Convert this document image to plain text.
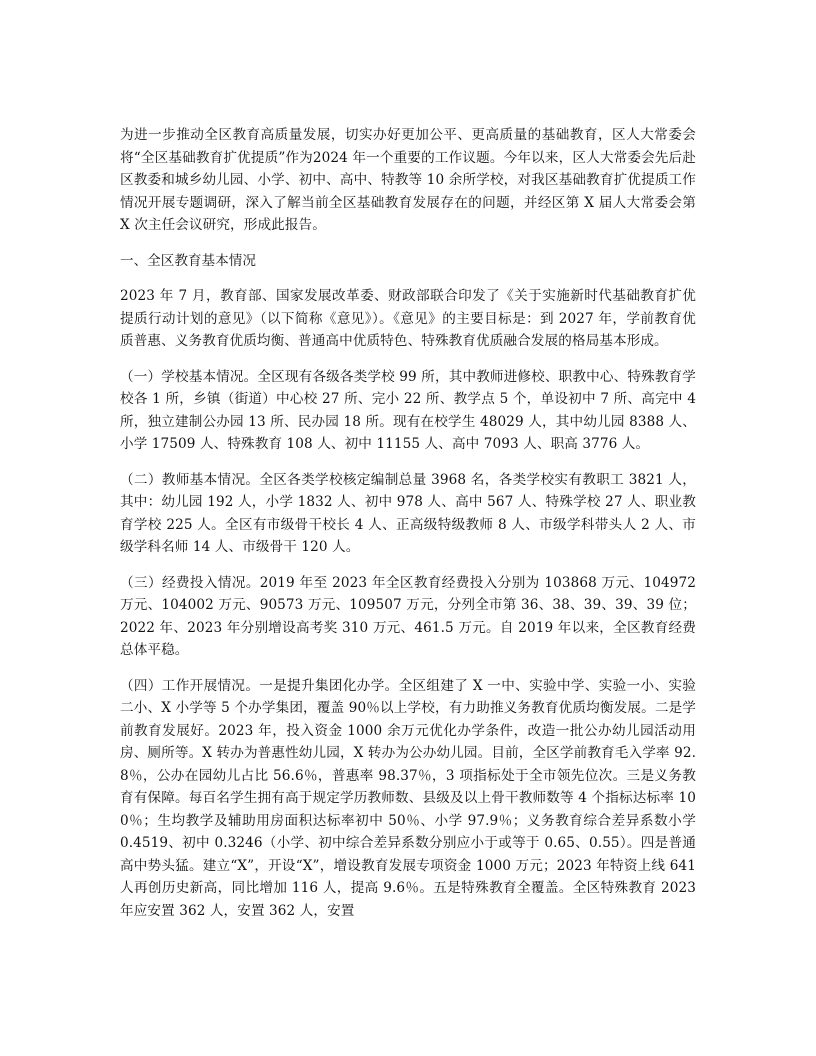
为进一步推动全区教育高质量发展，切实办好更加公平、更高质量的基础教育，区人大常委会将“全区基础教育扩优提质”作为2024 年一个重要的工作议题。今年以来，区人大常委会先后赴区教委和城乡幼儿园、小学、初中、高中、特教等 10 余所学校，对我区基础教育扩优提质工作情况开展专题调研，深入了解当前全区基础教育发展存在的问题，并经区第 X 届人大常委会第 X 次主任会议研究，形成此报告。

一、全区教育基本情况

2023 年 7 月，教育部、国家发展改革委、财政部联合印发了《关于实施新时代基础教育扩优提质行动计划的意见》（以下简称《意见》）。《意见》的主要目标是：到 2027 年，学前教育优质普惠、义务教育优质均衡、普通高中优质特色、特殊教育优质融合发展的格局基本形成。

（一）学校基本情况。全区现有各级各类学校 99 所，其中教师进修校、职教中心、特殊教育学校各 1 所，乡镇（街道）中心校 27 所、完小 22 所、教学点 5 个，单设初中 7 所、高完中 4 所，独立建制公办园 13 所、民办园 18 所。现有在校学生 48029 人，其中幼儿园 8388 人、小学 17509 人、特殊教育 108 人、初中 11155 人、高中 7093 人、职高 3776 人。

（二）教师基本情况。全区各类学校核定编制总量 3968 名，各类学校实有教职工 3821 人，其中：幼儿园 192 人，小学 1832 人、初中 978 人、高中 567 人、特殊学校 27 人、职业教育学校 225 人。全区有市级骨干校长 4 人、正高级特级教师 8 人、市级学科带头人 2 人、市级学科名师 14 人、市级骨干 120 人。

（三）经费投入情况。2019 年至 2023 年全区教育经费投入分别为 103868 万元、104972 万元、104002 万元、90573 万元、109507 万元，分列全市第 36、38、39、39、39 位；2022 年、2023 年分别增设高考奖 310 万元、461.5 万元。自 2019 年以来，全区教育经费总体平稳。

（四）工作开展情况。一是提升集团化办学。全区组建了 X 一中、实验中学、实验一小、实验二小、X 小学等 5 个办学集团，覆盖 90％以上学校，有力助推义务教育优质均衡发展。二是学前教育发展好。2023 年，投入资金 1000 余万元优化办学条件，改造一批公办幼儿园活动用房、厕所等。X 转办为普惠性幼儿园，X 转办为公办幼儿园。目前，全区学前教育毛入学率 92.8％，公办在园幼儿占比 56.6％，普惠率 98.37％，3 项指标处于全市领先位次。三是义务教育有保障。每百名学生拥有高于规定学历教师数、县级及以上骨干教师数等 4 个指标达标率 100％；生均教学及辅助用房面积达标率初中 50％、小学 97.9％；义务教育综合差异系数小学 0.4519、初中 0.3246（小学、初中综合差异系数分别应小于或等于 0.65、0.55）。四是普通高中势头猛。建立“X”，开设“X”，增设教育发展专项资金 1000 万元；2023 年特资上线 641 人再创历史新高，同比增加 116 人，提高 9.6％。五是特殊教育全覆盖。全区特殊教育 2023 年应安置 362 人，安置 362 人，安置
